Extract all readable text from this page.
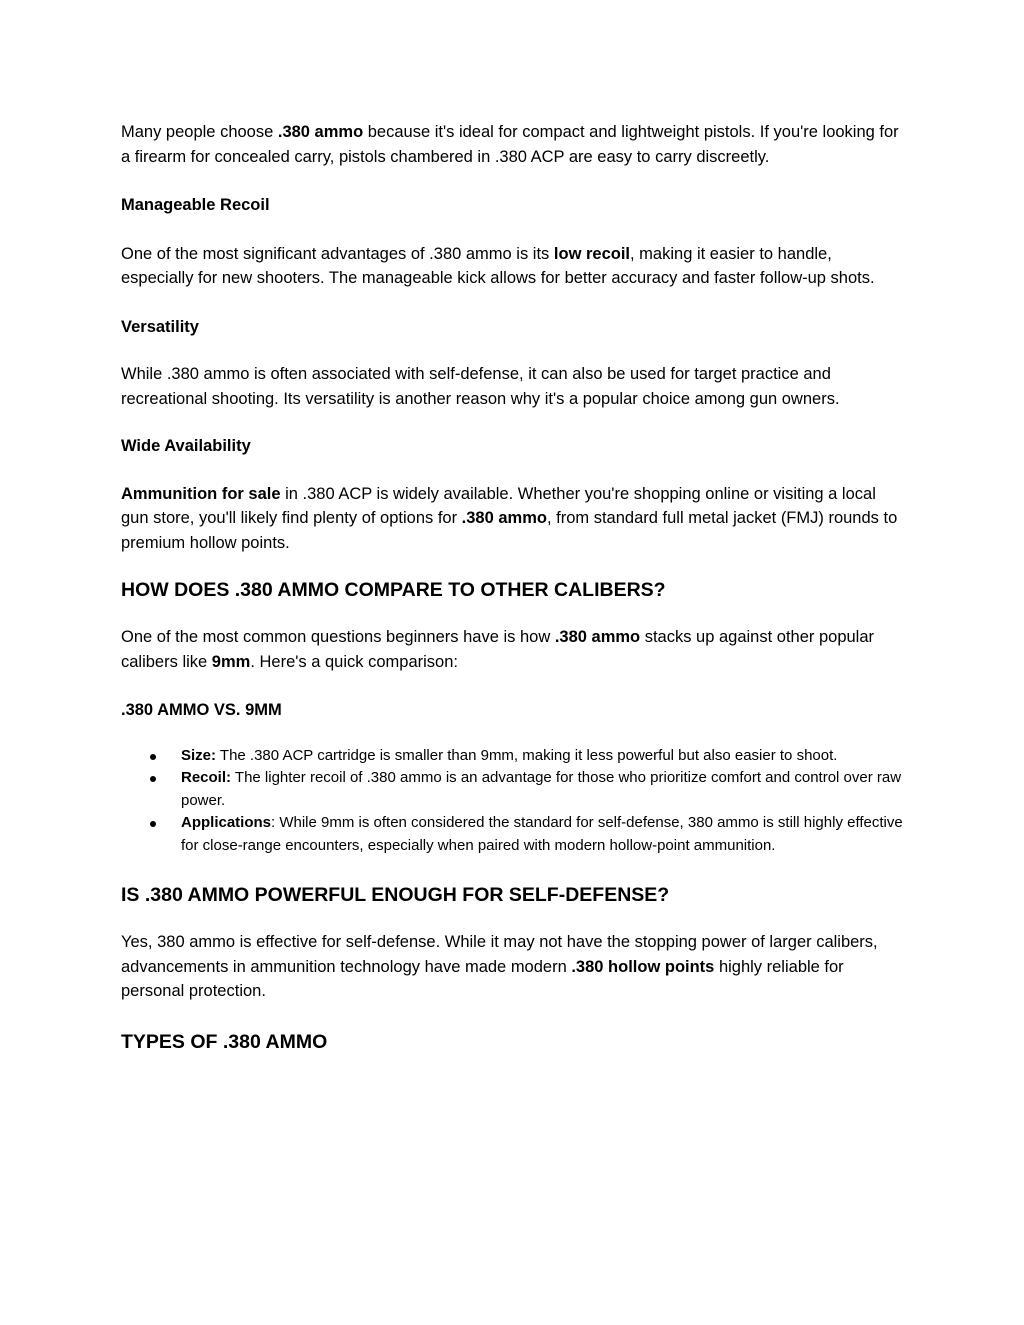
Many people choose .380 ammo because it's ideal for compact and lightweight pistols. If you're looking for a firearm for concealed carry, pistols chambered in .380 ACP are easy to carry discreetly.

Manageable Recoil

One of the most significant advantages of .380 ammo is its low recoil, making it easier to handle, especially for new shooters. The manageable kick allows for better accuracy and faster follow-up shots.

Versatility

While .380 ammo is often associated with self-defense, it can also be used for target practice and recreational shooting. Its versatility is another reason why it's a popular choice among gun owners.

Wide Availability

Ammunition for sale in .380 ACP is widely available. Whether you're shopping online or visiting a local gun store, you'll likely find plenty of options for .380 ammo, from standard full metal jacket (FMJ) rounds to premium hollow points.

HOW DOES .380 AMMO COMPARE TO OTHER CALIBERS?

One of the most common questions beginners have is how .380 ammo stacks up against other popular calibers like 9mm. Here's a quick comparison:

.380 AMMO VS. 9MM

Size: The .380 ACP cartridge is smaller than 9mm, making it less powerful but also easier to shoot.
Recoil: The lighter recoil of .380 ammo is an advantage for those who prioritize comfort and control over raw power.
Applications: While 9mm is often considered the standard for self-defense, 380 ammo is still highly effective for close-range encounters, especially when paired with modern hollow-point ammunition.
IS .380 AMMO POWERFUL ENOUGH FOR SELF-DEFENSE?

Yes, 380 ammo is effective for self-defense. While it may not have the stopping power of larger calibers, advancements in ammunition technology have made modern .380 hollow points highly reliable for personal protection.

TYPES OF .380 AMMO
